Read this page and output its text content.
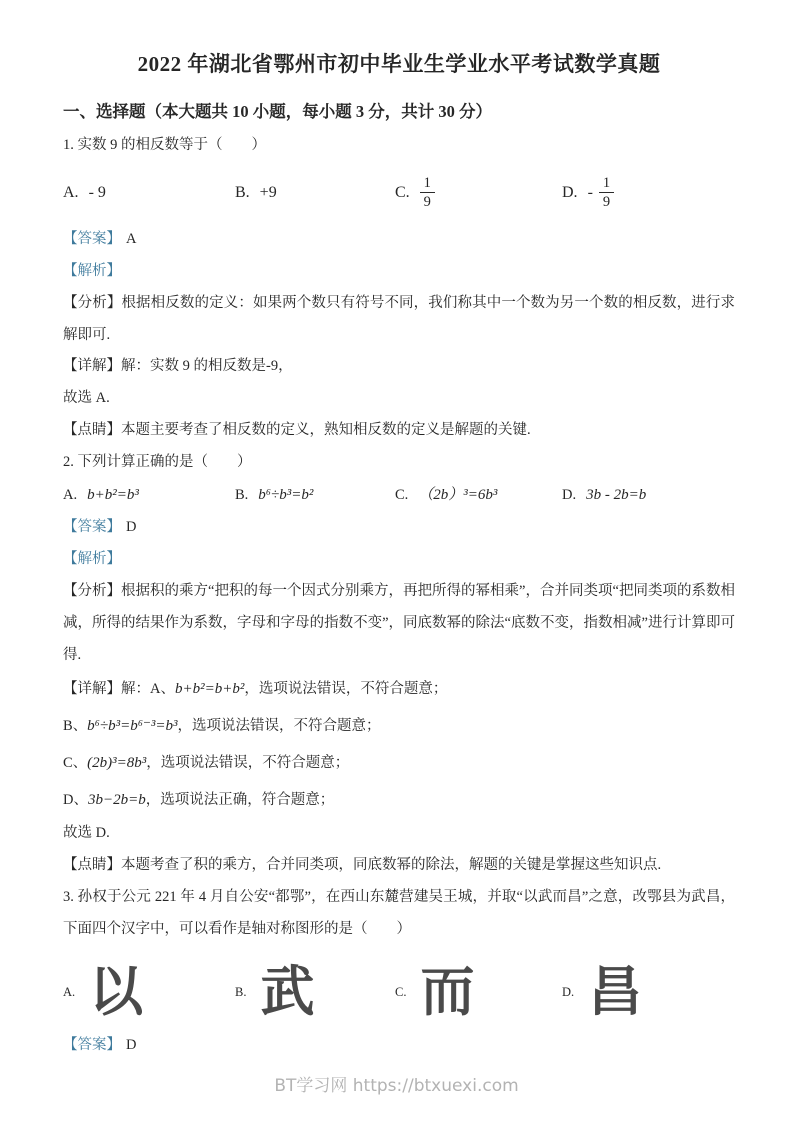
2022 年湖北省鄂州市初中毕业生学业水平考试数学真题
一、选择题（本大题共 10 小题，每小题 3 分，共计 30 分）

1. 实数 9 的相反数等于（　　）

A. - 9	B. +9	C. $\frac{1}{9}$	D. - $\frac{1}{9}$

【答案】 A

【解析】

【分析】根据相反数的定义：如果两个数只有符号不同，我们称其中一个数为另一个数的相反数，进行求解即可.

【详解】解：实数 9 的相反数是-9，

故选 A.

【点睛】本题主要考查了相反数的定义，熟知相反数的定义是解题的关键.

2. 下列计算正确的是（　　）

A. b+b²=b³	B. b⁶÷b³=b²	C. （2b）³=6b³	D. 3b - 2b=b

【答案】 D

【解析】

【分析】根据积的乘方“把积的每一个因式分别乘方，再把所得的幂相乘”，合并同类项“把同类项的系数相减，所得的结果作为系数，字母和字母的指数不变”，同底数幂的除法“底数不变，指数相减”进行计算即可得.

【详解】解：A、b+b²=b+b²，选项说法错误，不符合题意；

B、b⁶÷b³=b⁶⁻³=b³，选项说法错误，不符合题意；

C、(2b)³=8b³，选项说法错误，不符合题意；

D、3b−2b=b，选项说法正确，符合题意；

故选 D.

【点睛】本题考查了积的乘方，合并同类项，同底数幂的除法，解题的关键是掌握这些知识点.

3. 孙权于公元 221 年 4 月自公安“都鄂”，在西山东麓营建吴王城，并取“以武而昌”之意，改鄂县为武昌，下面四个汉字中，可以看作是轴对称图形的是（　　）

A. 以	B. 武	C. 而	D. 昌

【答案】 D

BT学习网 https://btxuexi.com
